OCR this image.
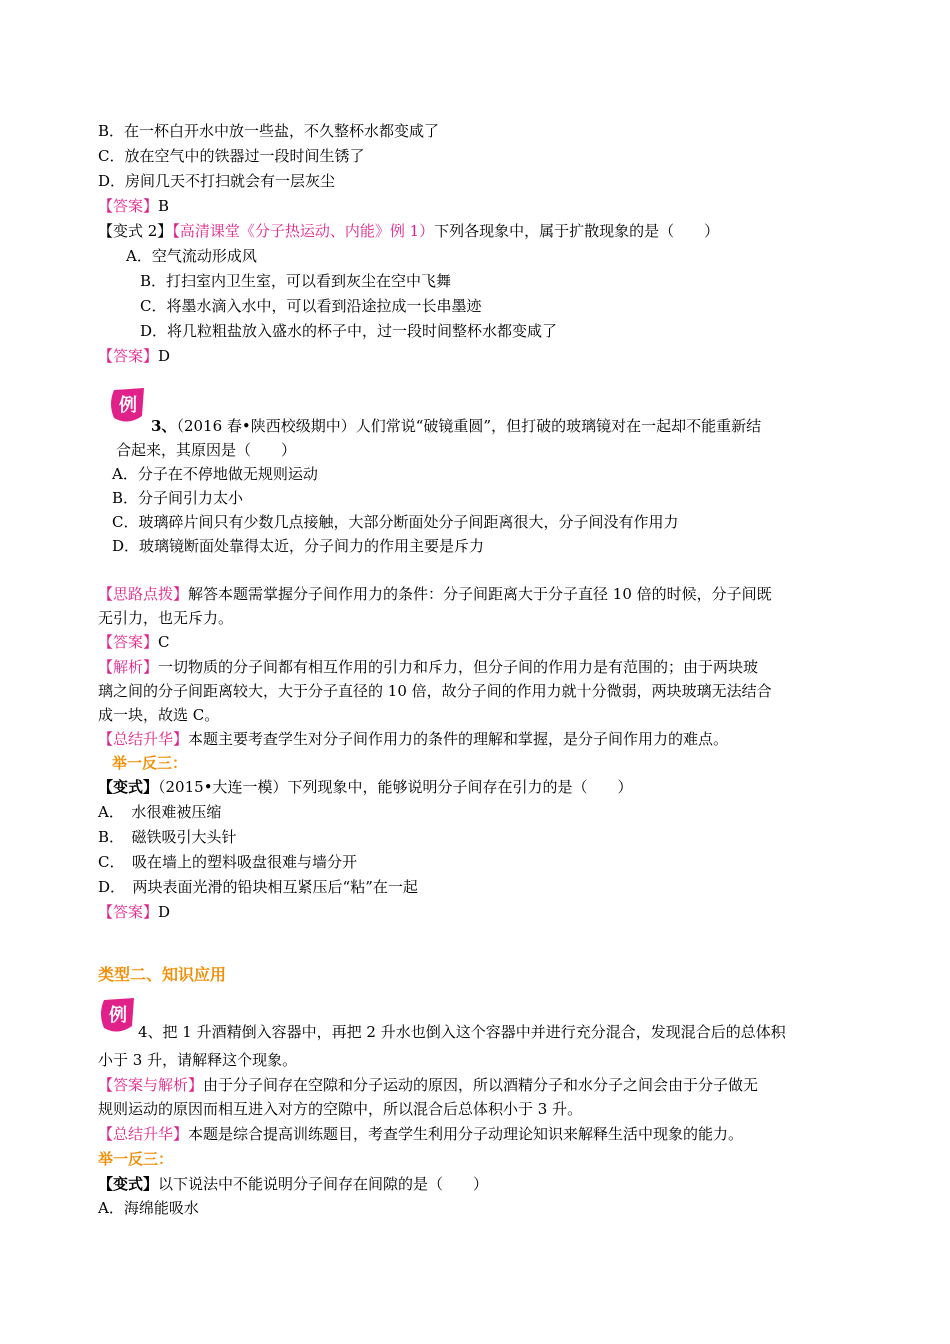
B．在一杯白开水中放一些盐，不久整杯水都变咸了
C．放在空气中的铁器过一段时间生锈了
D．房间几天不打扫就会有一层灰尘
【答案】B
【变式 2】【高清课堂《分子热运动、内能》例 1）下列各现象中，属于扩散现象的是（　　）
A．空气流动形成风
B．打扫室内卫生室，可以看到灰尘在空中飞舞
C．将墨水滴入水中，可以看到沿途拉成一长串墨迹
D．将几粒粗盐放入盛水的杯子中，过一段时间整杯水都变咸了
【答案】D
例
3、（2016 春•陕西校级期中）人们常说“破镜重圆”，但打破的玻璃镜对在一起却不能重新结
合起来，其原因是（　　）
A．分子在不停地做无规则运动
B．分子间引力太小
C．玻璃碎片间只有少数几点接触，大部分断面处分子间距离很大，分子间没有作用力
D．玻璃镜断面处靠得太近，分子间力的作用主要是斥力
【思路点拨】解答本题需掌握分子间作用力的条件：分子间距离大于分子直径 10 倍的时候，分子间既
无引力，也无斥力。
【答案】C
【解析】一切物质的分子间都有相互作用的引力和斥力，但分子间的作用力是有范围的；由于两块玻
璃之间的分子间距离较大，大于分子直径的 10 倍，故分子间的作用力就十分微弱，两块玻璃无法结合
成一块，故选 C。
【总结升华】本题主要考查学生对分子间作用力的条件的理解和掌握，是分子间作用力的难点。
举一反三：
【变式】（2015•大连一模）下列现象中，能够说明分子间存在引力的是（　　）
A．　水很难被压缩
B．　磁铁吸引大头针
C．　吸在墙上的塑料吸盘很难与墙分开
D．　两块表面光滑的铅块相互紧压后“粘”在一起
【答案】D
类型二、知识应用
例
4、把 1 升酒精倒入容器中，再把 2 升水也倒入这个容器中并进行充分混合，发现混合后的总体积
小于 3 升，请解释这个现象。
【答案与解析】由于分子间存在空隙和分子运动的原因，所以酒精分子和水分子之间会由于分子做无
规则运动的原因而相互进入对方的空隙中，所以混合后总体积小于 3 升。
【总结升华】本题是综合提高训练题目，考查学生利用分子动理论知识来解释生活中现象的能力。
举一反三：
【变式】以下说法中不能说明分子间存在间隙的是（　　）
A．海绵能吸水
